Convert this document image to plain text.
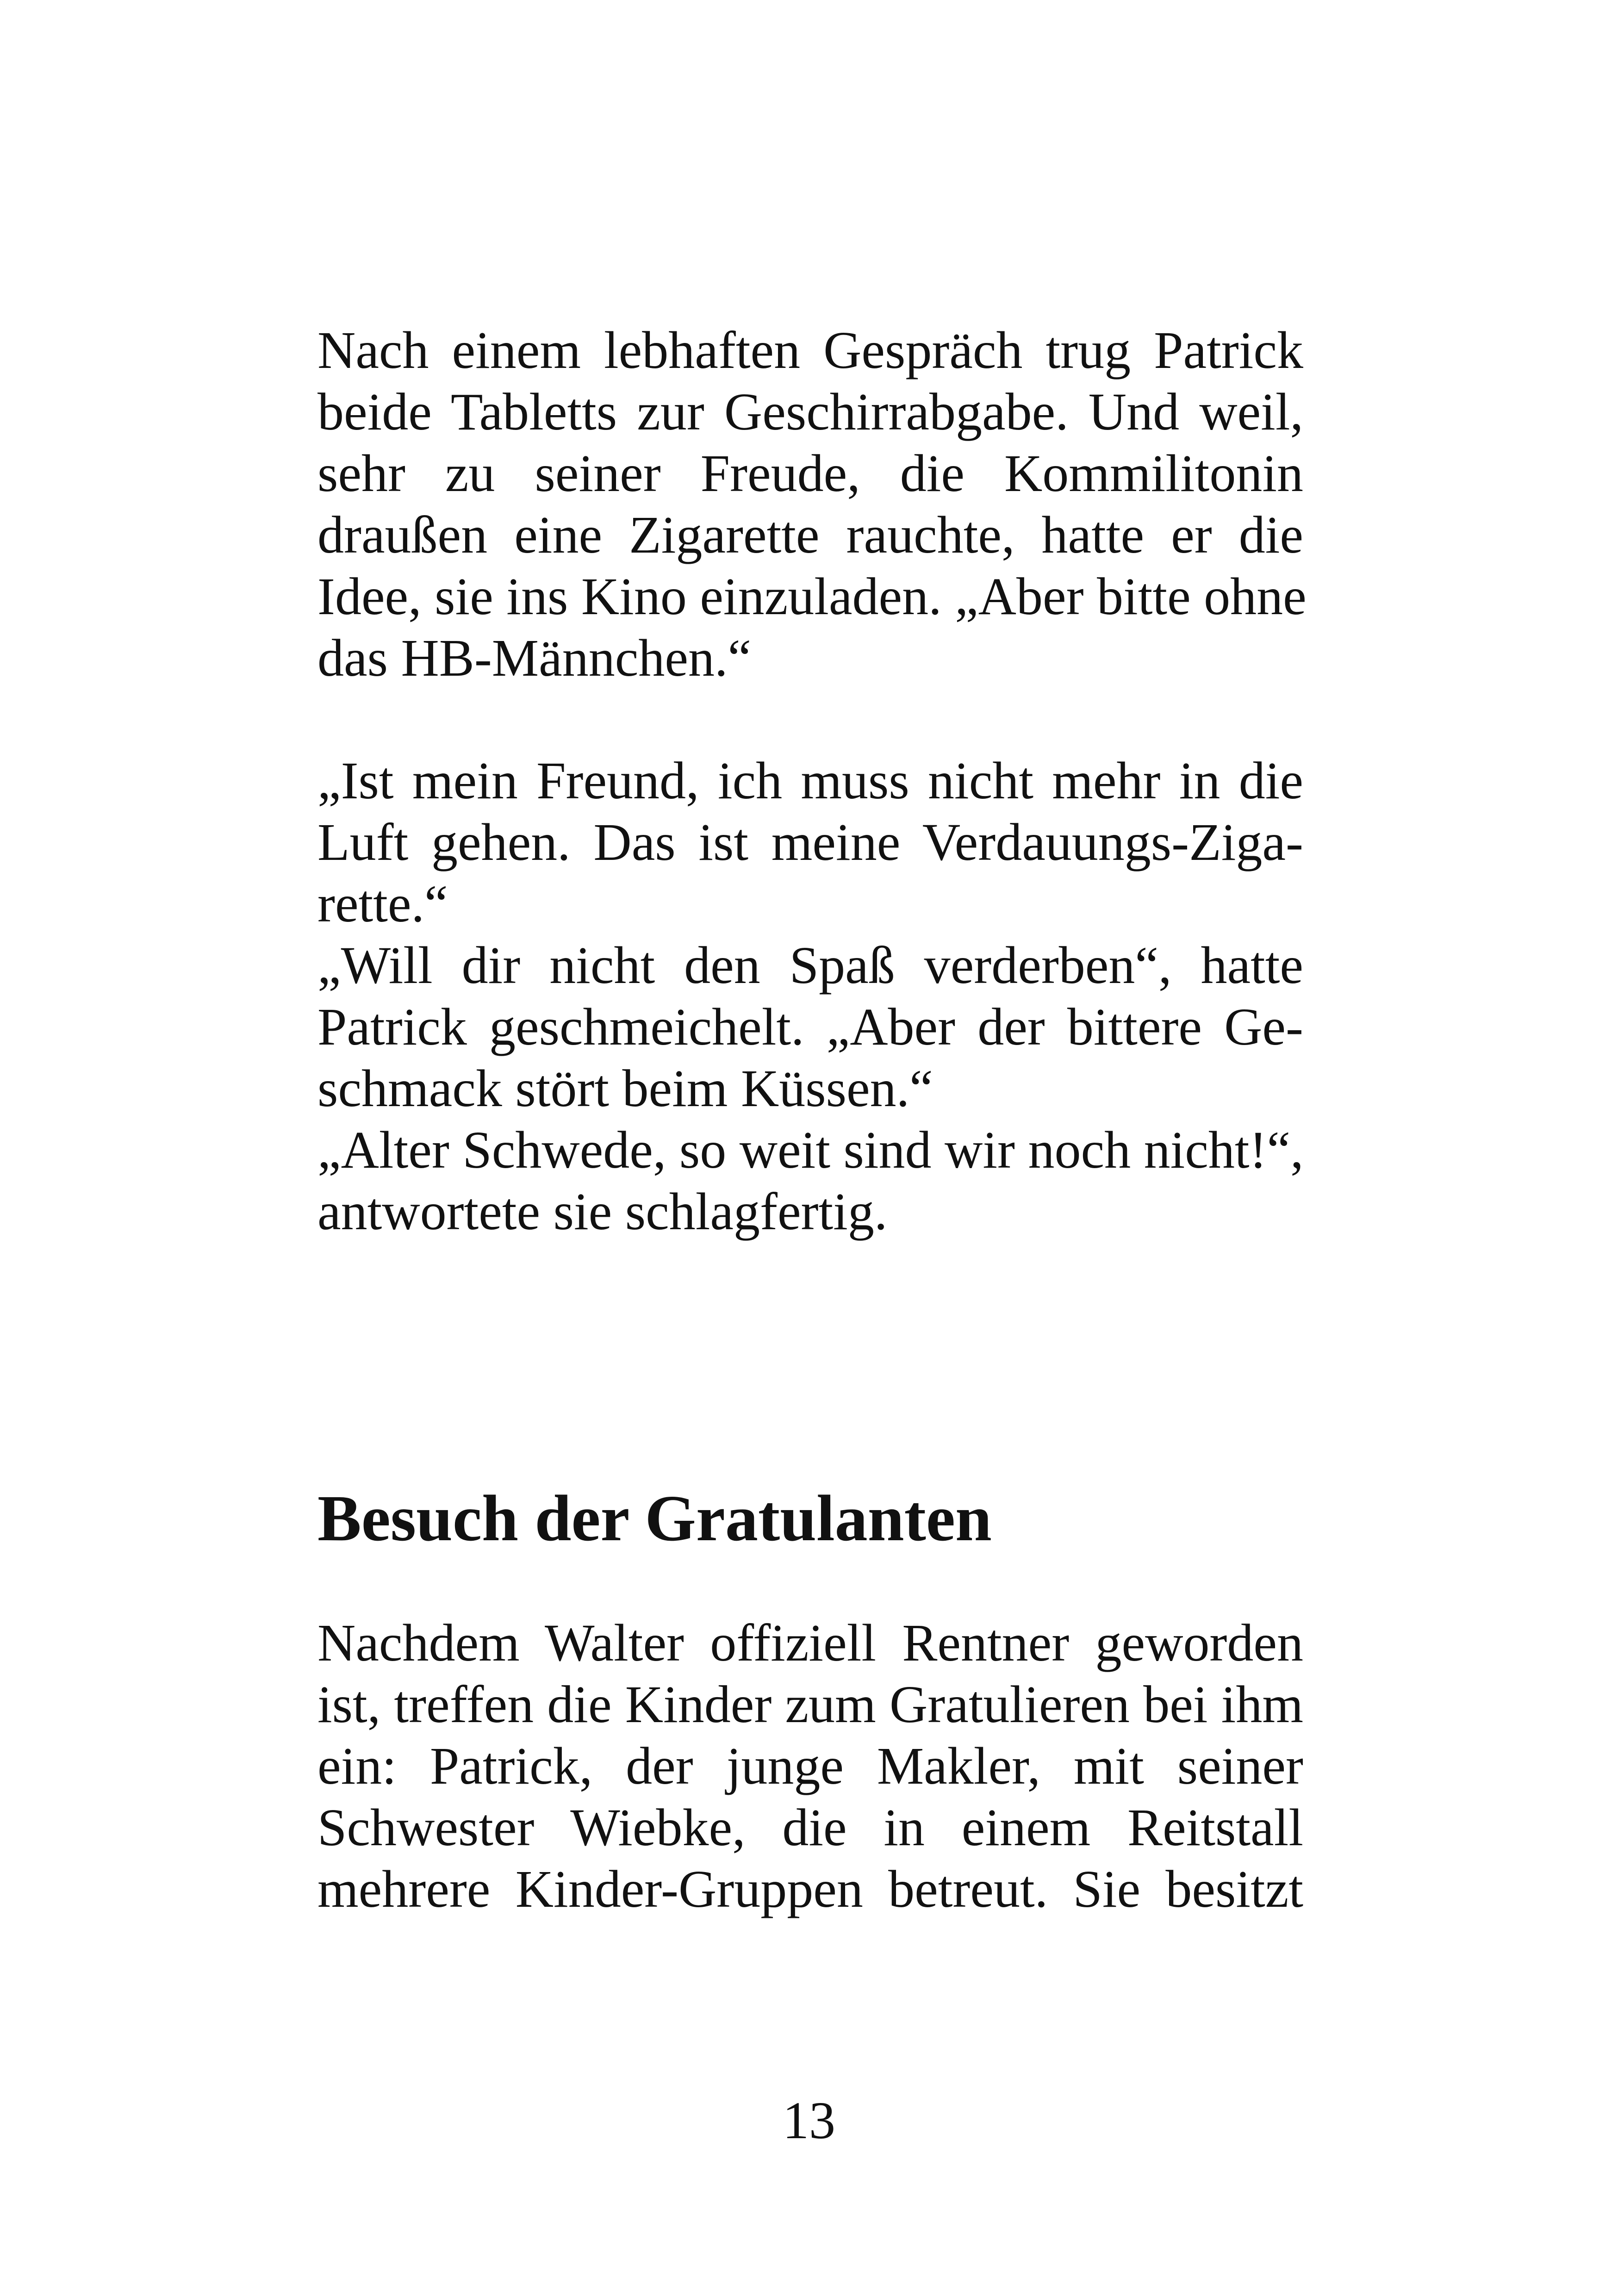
Nach einem lebhaften Gespräch trug Patrick
beide Tabletts zur Geschirrabgabe. Und weil,
sehr zu seiner Freude, die Kommilitonin
draußen eine Zigarette rauchte, hatte er die
Idee, sie ins Kino einzuladen. „Aber bitte ohne
das HB-Männchen.“
„Ist mein Freund, ich muss nicht mehr in die
Luft gehen. Das ist meine Verdauungs-Ziga-
rette.“
„Will dir nicht den Spaß verderben“, hatte
Patrick geschmeichelt. „Aber der bittere Ge-
schmack stört beim Küssen.“
„Alter Schwede, so weit sind wir noch nicht!“,
antwortete sie schlagfertig.
Besuch der Gratulanten
Nachdem Walter offiziell Rentner geworden
ist, treffen die Kinder zum Gratulieren bei ihm
ein: Patrick, der junge Makler, mit seiner
Schwester Wiebke, die in einem Reitstall
mehrere Kinder-Gruppen betreut. Sie besitzt
13
